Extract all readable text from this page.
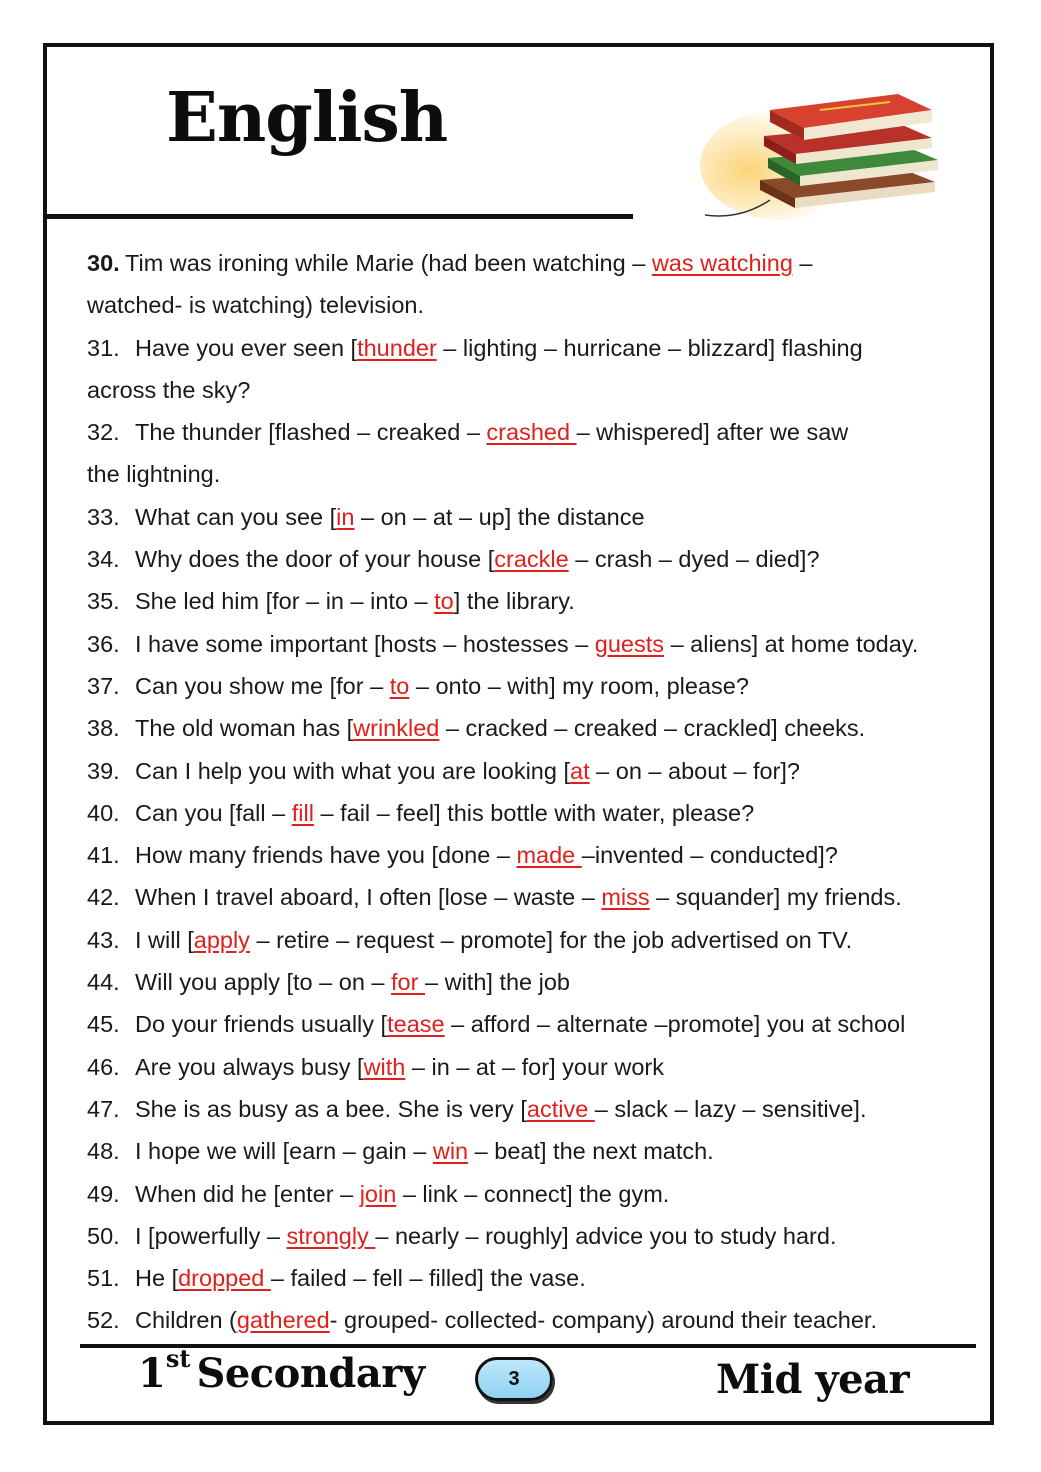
English
30. Tim was ironing while Marie (had been watching – was watching –
watched- is watching) television.
31. Have you ever seen [thunder – lighting – hurricane – blizzard] flashing
across the sky?
32. The thunder [flashed – creaked – crashed – whispered] after we saw
the lightning.
33. What can you see [in – on – at – up] the distance
34. Why does the door of your house [crackle – crash – dyed – died]?
35. She led him [for – in – into – to] the library.
36. I have some important [hosts – hostesses – guests – aliens] at home today.
37. Can you show me [for – to – onto – with] my room, please?
38. The old woman has [wrinkled – cracked – creaked – crackled] cheeks.
39. Can I help you with what you are looking [at – on – about – for]?
40. Can you [fall – fill – fail – feel] this bottle with water, please?
41. How many friends have you [done – made –invented – conducted]?
42. When I travel aboard, I often [lose – waste – miss – squander] my friends.
43. I will [apply – retire – request – promote] for the job advertised on TV.
44. Will you apply [to – on – for – with] the job
45. Do your friends usually [tease – afford – alternate –promote] you at school
46. Are you always busy [with – in – at – for] your work
47. She is as busy as a bee. She is very [active – slack – lazy – sensitive].
48. I hope we will [earn – gain – win – beat] the next match.
49. When did he [enter – join – link – connect] the gym.
50. I [powerfully – strongly – nearly – roughly] advice you to study hard.
51. He [dropped – failed – fell – filled] the vase.
52. Children (gathered- grouped- collected- company) around their teacher.
1st Secondary	3	Mid year
